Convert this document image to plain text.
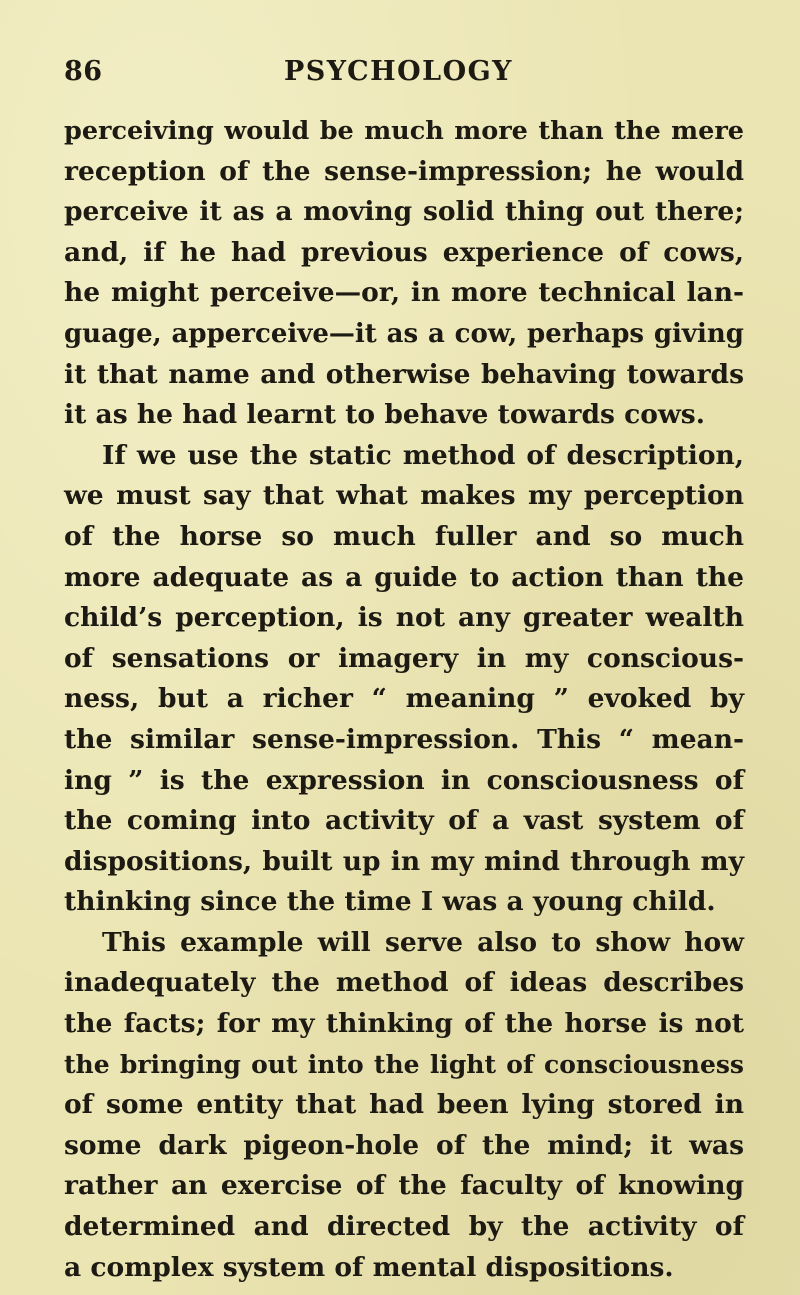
86	PSYCHOLOGY
perceiving would be much more than the mere
reception of the sense-impression; he would
perceive it as a moving solid thing out there;
and, if he had previous experience of cows,
he might perceive—or, in more technical lan-
guage, apperceive—it as a cow, perhaps giving
it that name and otherwise behaving towards
it as he had learnt to behave towards cows.
If we use the static method of description,
we must say that what makes my perception
of the horse so much fuller and so much
more adequate as a guide to action than the
child’s perception, is not any greater wealth
of sensations or imagery in my conscious-
ness, but a richer “ meaning ” evoked by
the similar sense-impression. This “ mean-
ing ” is the expression in consciousness of
the coming into activity of a vast system of
dispositions, built up in my mind through my
thinking since the time I was a young child.
This example will serve also to show how
inadequately the method of ideas describes
the facts; for my thinking of the horse is not
the bringing out into the light of consciousness
of some entity that had been lying stored in
some dark pigeon-hole of the mind; it was
rather an exercise of the faculty of knowing
determined and directed by the activity of
a complex system of mental dispositions.
